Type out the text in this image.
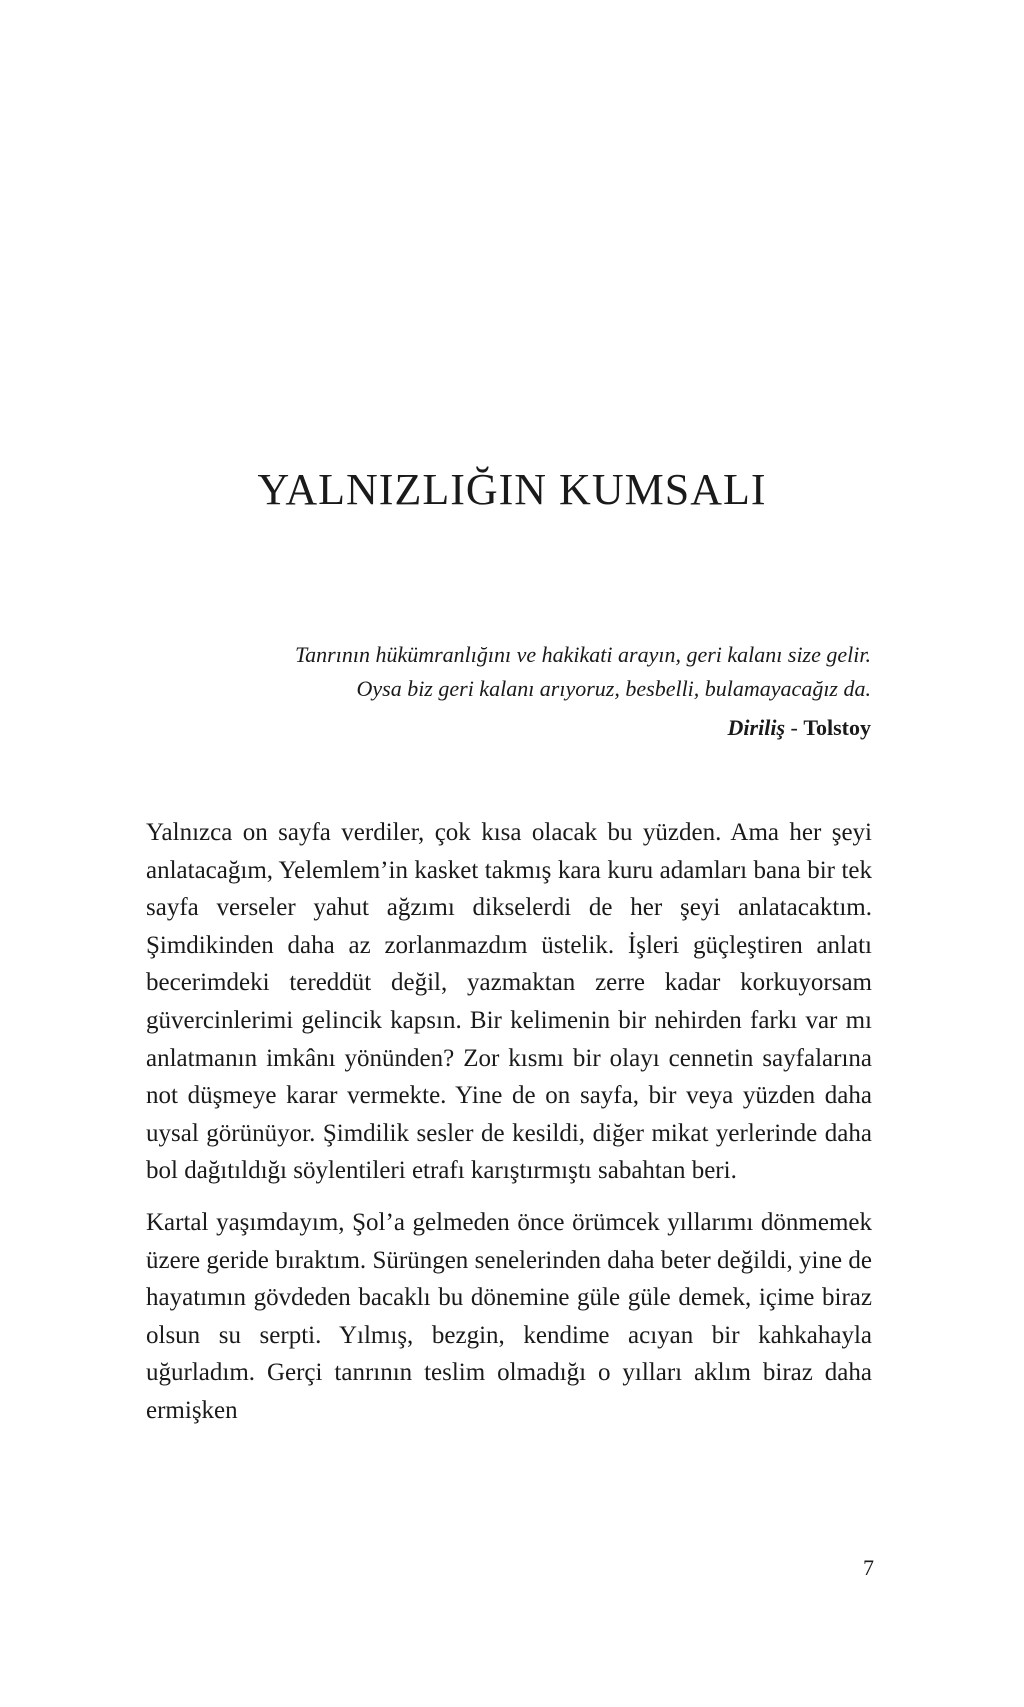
YALNIZLIĞIN KUMSALI

Tanrının hükümranlığını ve hakikati arayın, geri kalanı size gelir.

Oysa biz geri kalanı arıyoruz, besbelli, bulamayacağız da.

Diriliş - Tolstoy

Yalnızca on sayfa verdiler, çok kısa olacak bu yüzden. Ama her şeyi anlatacağım, Yelemlem’in kasket takmış kara kuru adamları bana bir tek sayfa verseler yahut ağzımı dikselerdi de her şeyi anlatacaktım. Şimdikinden daha az zorlanmazdım üstelik. İşleri güçleştiren anlatı becerimdeki tereddüt değil, yazmaktan zerre kadar korkuyorsam güvercinlerimi gelincik kapsın. Bir kelimenin bir nehirden farkı var mı anlatmanın imkânı yönünden? Zor kısmı bir olayı cennetin sayfalarına not düşmeye karar vermekte. Yine de on sayfa, bir veya yüzden daha uysal görünüyor. Şimdilik sesler de kesildi, diğer mikat yerlerinde daha bol dağıtıldığı söylentileri etrafı karıştırmıştı sabahtan beri.

Kartal yaşımdayım, Şol’a gelmeden önce örümcek yıllarımı dönmemek üzere geride bıraktım. Sürüngen senelerinden daha beter değildi, yine de hayatımın gövdeden bacaklı bu dönemine güle güle demek, içime biraz olsun su serpti. Yılmış, bezgin, kendime acıyan bir kahkahayla uğurladım. Gerçi tanrının teslim olmadığı o yılları aklım biraz daha ermişken

7
